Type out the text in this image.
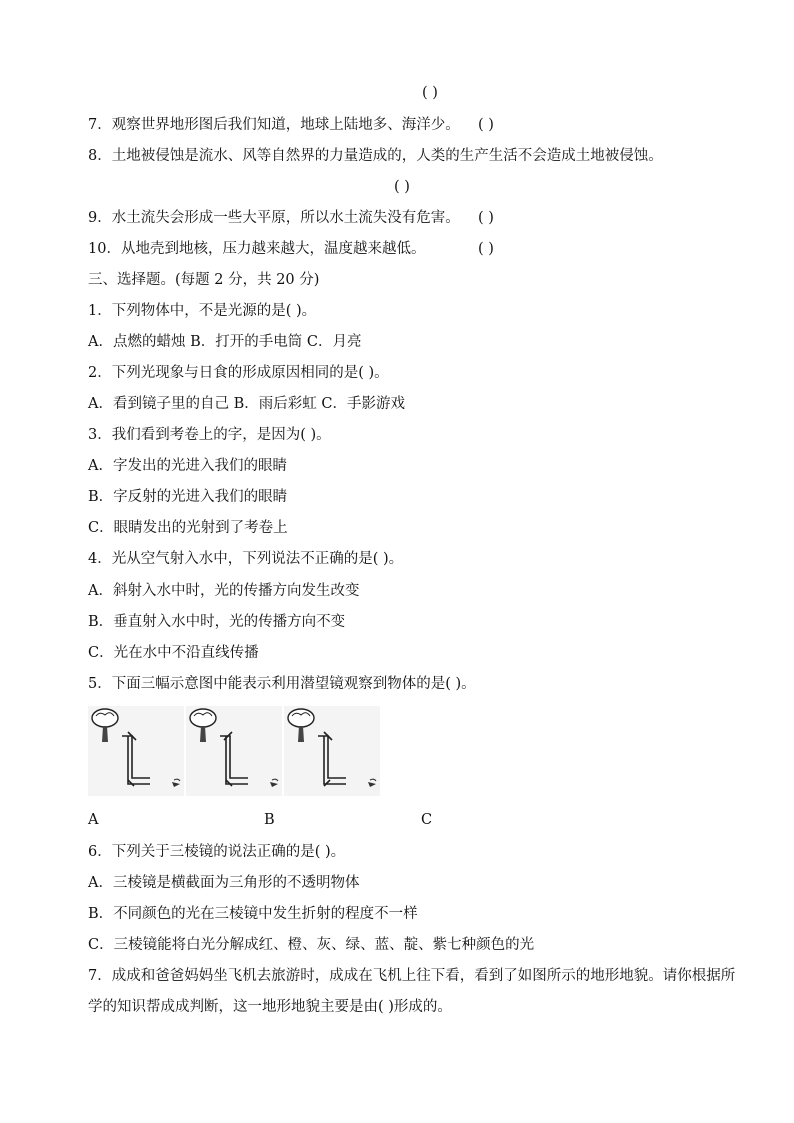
( )
7．观察世界地形图后我们知道，地球上陆地多、海洋少。 ( )
8．土地被侵蚀是流水、风等自然界的力量造成的，人类的生产生活不会造成土地被侵蚀。
( )
9．水土流失会形成一些大平原，所以水土流失没有危害。 ( )
10．从地壳到地核，压力越来越大，温度越来越低。	( )
三、选择题。(每题 2 分，共 20 分)
1．下列物体中，不是光源的是( )。
A．点燃的蜡烛 B．打开的手电筒 C．月亮
2．下列光现象与日食的形成原因相同的是( )。
A．看到镜子里的自己 B．雨后彩虹 C．手影游戏
3．我们看到考卷上的字，是因为( )。
A．字发出的光进入我们的眼睛
B．字反射的光进入我们的眼睛
C．眼睛发出的光射到了考卷上
4．光从空气射入水中，下列说法不正确的是( )。
A．斜射入水中时，光的传播方向发生改变
B．垂直射入水中时，光的传播方向不变
C．光在水中不沿直线传播
5．下面三幅示意图中能表示利用潜望镜观察到物体的是( )。
A	B	C
6．下列关于三棱镜的说法正确的是( )。
A．三棱镜是横截面为三角形的不透明物体
B．不同颜色的光在三棱镜中发生折射的程度不一样
C．三棱镜能将白光分解成红、橙、灰、绿、蓝、靛、紫七种颜色的光
7．成成和爸爸妈妈坐飞机去旅游时，成成在飞机上往下看，看到了如图所示的地形地貌。请你根据所
学的知识帮成成判断，这一地形地貌主要是由( )形成的。
